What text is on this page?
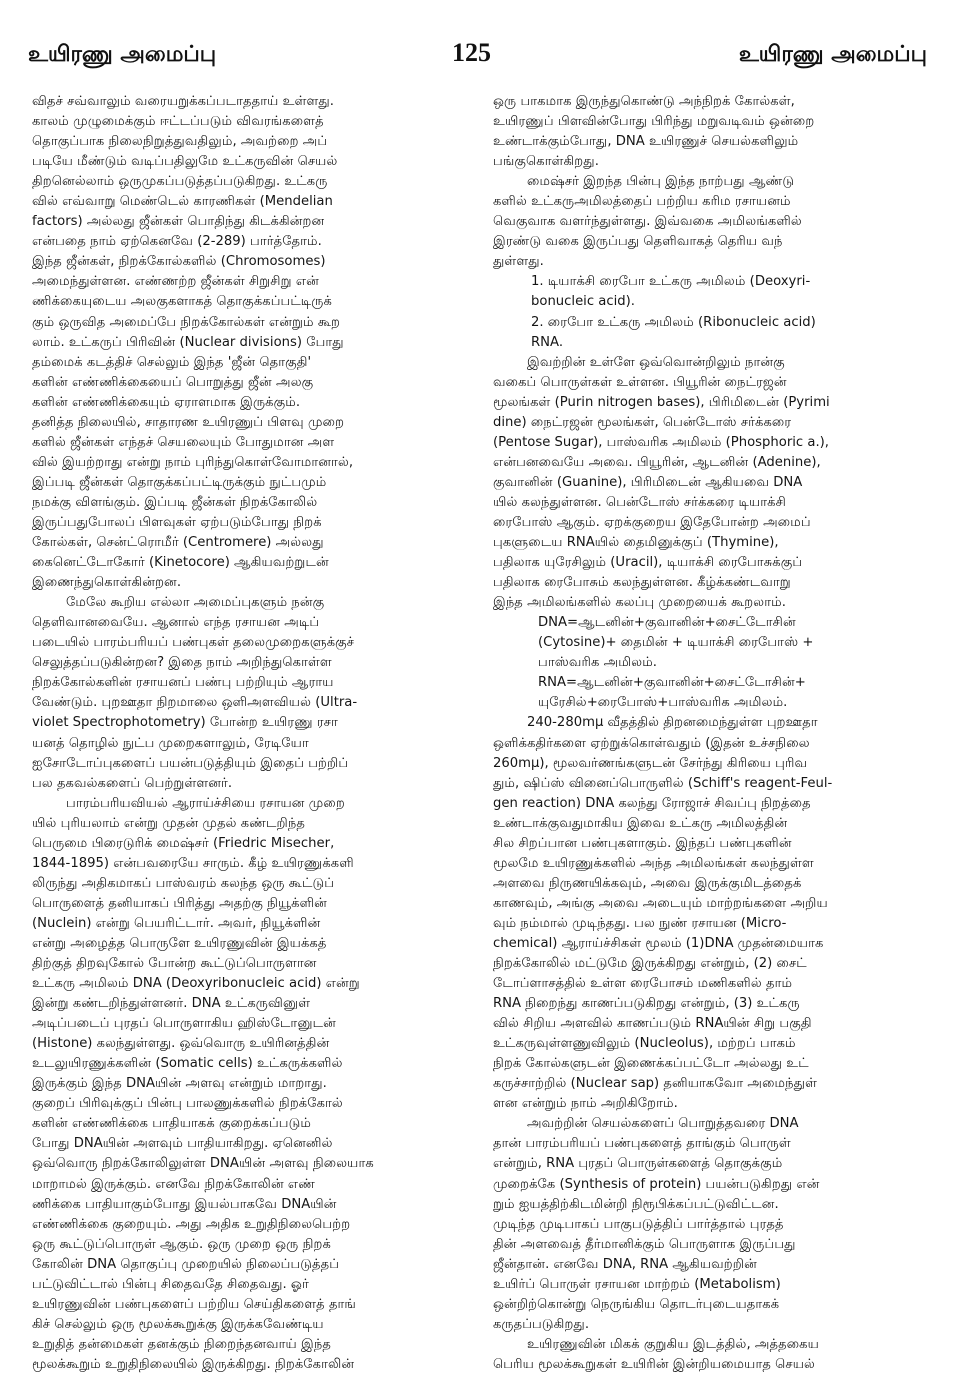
உயிரணு அமைப்பு	125	உயிரணு அமைப்பு
விதச் சவ்வாலும் வரையறுக்கப்படாததாய் உள்ளது.
காலம் முழுமைக்கும் ஈட்டப்படும் விவரங்களைத்
தொகுப்பாக நிலைநிறுத்துவதிலும், அவற்றை அப்
படியே மீண்டும் வடிப்பதிலுமே உட்கருவின் செயல்
திறனெல்லாம் ஒருமுகப்படுத்தப்படுகிறது. உட்கரு
வில் எவ்வாறு மெண்டெல் காரணிகள் (Mendelian
factors) அல்லது ஜீன்கள் பொதிந்து கிடக்கின்றன
என்பதை நாம் ஏற்கெனவே (2-289) பார்த்தோம்.
இந்த ஜீன்கள், நிறக்கோல்களில் (Chromosomes)
அமைந்துள்ளன. எண்ணற்ற ஜீன்கள் சிறுசிறு என்
ணிக்கையுடைய அலகுகளாகத் தொகுக்கப்பட்டிருக்
கும் ஒருவித அமைப்பே நிறக்கோல்கள் என்றும் கூற
லாம். உட்கருப் பிரிவின் (Nuclear divisions) போது
தம்மைக் கடத்திச் செல்லும் இந்த 'ஜீன் தொகுதி'
களின் எண்ணிக்கையைப் பொறுத்து ஜீன் அலகு
களின் எண்ணிக்கையும் ஏராளமாக இருக்கும்.
தனித்த நிலையில், சாதாரண உயிரணுப் பிளவு முறை
களில் ஜீன்கள் எந்தச் செயலையும் போதுமான அள
வில் இயற்றாது என்று நாம் புரிந்துகொள்வோமானால்,
இப்படி ஜீன்கள் தொகுக்கப்பட்டிருக்கும் நுட்பமும்
நமக்கு விளங்கும். இப்படி ஜீன்கள் நிறக்கோலில்
இருப்பதுபோலப் பிளவுகள் ஏற்படும்போது நிறக்
கோல்கள், சென்ட்ரொமீர் (Centromere) அல்லது
கைனெட்டோகோர் (Kinetocore) ஆகியவற்றுடன்
இணைந்துகொள்கின்றன.
மேலே கூறிய எல்லா அமைப்புகளும் நன்கு
தெளிவானவையே. ஆனால் எந்த ரசாயன அடிப்
படையில் பாரம்பரியப் பண்புகள் தலைமுறைகளுக்குச்
செலுத்தப்படுகின்றன? இதை நாம் அறிந்துகொள்ள
நிறக்கோல்களின் ரசாயனப் பண்பு பற்றியும் ஆராய
வேண்டும். புறஊதா நிறமாலை ஒளிஅளவியல் (Ultra-
violet Spectrophotometry) போன்ற உயிரணு ரசா
யனத் தொழில் நுட்ப முறைகளாலும், ரேடியோ
ஐசோடோப்புகளைப் பயன்படுத்தியும் இதைப் பற்றிப்
பல தகவல்களைப் பெற்றுள்ளனர்.
பாரம்பரியவியல் ஆராய்ச்சியை ரசாயன முறை
யில் புரியலாம் என்று முதன் முதல் கண்டறிந்த
பெருமை பிரைடுரிக் மைஷ்சர் (Friedric Misecher,
1844-1895) என்பவரையே சாரும். கீழ் உயிரணுக்களி
லிருந்து அதிகமாகப் பாஸ்வரம் கலந்த ஒரு கூட்டுப்
பொருளைத் தனியாகப் பிரித்து அதற்கு நியூக்ளின்
(Nuclein) என்று பெயரிட்டார். அவர், நியூக்ளின்
என்று அழைத்த பொருளே உயிரணுவின் இயக்கத்
திற்குத் திறவுகோல் போன்ற கூட்டுப்பொருளான
உட்கரு அமிலம் DNA (Deoxyribonucleic acid) என்று
இன்று கண்டறிந்துள்ளனர். DNA உட்கருவினுள்
அடிப்படைப் புரதப் பொருளாகிய ஹிஸ்டோனுடன்
(Histone) கலந்துள்ளது. ஒவ்வொரு உயிரினத்தின்
உடலுயிரணுக்களின் (Somatic cells) உட்கருக்களில்
இருக்கும் இந்த DNAயின் அளவு என்றும் மாறாது.
குறைப் பிரிவுக்குப் பின்பு பாலணுக்களில் நிறக்கோல்
களின் எண்ணிக்கை பாதியாகக் குறைக்கப்படும்
போது DNAயின் அளவும் பாதியாகிறது. ஏனெனில்
ஒவ்வொரு நிறக்கோலிலுள்ள DNAயின் அளவு நிலையாக
மாறாமல் இருக்கும். எனவே நிறக்கோலின் எண்
ணிக்கை பாதியாகும்போது இயல்பாகவே DNAயின்
எண்ணிக்கை குறையும். அது அதிக உறுதிநிலைபெற்ற
ஒரு கூட்டுப்பொருள் ஆகும். ஒரு முறை ஒரு நிறக்
கோலின் DNA தொகுப்பு முறையில் நிலைப்படுத்தப்
பட்டுவிட்டால் பின்பு சிதைவதே சிதைவது. ஓர்
உயிரணுவின் பண்புகளைப் பற்றிய செய்திகளைத் தாங்
கிச் செல்லும் ஒரு மூலக்கூறுக்கு இருக்கவேண்டிய
உறுதித் தன்மைகள் தனக்கும் நிறைந்தனவாய் இந்த
மூலக்கூறும் உறுதிநிலையில் இருக்கிறது. நிறக்கோலின்
ஒரு பாகமாக இருந்துகொண்டு அந்நிறக் கோல்கள்,
உயிரணுப் பிளவின்போது பிரிந்து மறுவடிவம் ஒன்றை
உண்டாக்கும்போது, DNA உயிரணுச் செயல்களிலும்
பங்குகொள்கிறது.
மைஷ்சர் இறந்த பின்பு இந்த நாற்பது ஆண்டு
களில் உட்கருஅமிலத்தைப் பற்றிய கரிம ரசாயனம்
வெகுவாக வளர்ந்துள்ளது. இவ்வகை அமிலங்களில்
இரண்டு வகை இருப்பது தெளிவாகத் தெரிய வந்
துள்ளது.
1. டியாக்சி ரைபோ உட்கரு அமிலம் (Deoxyri-
bonucleic acid).
2. ரைபோ உட்கரு அமிலம் (Ribonucleic acid)
RNA.
இவற்றின் உள்ளே ஒவ்வொன்றிலும் நான்கு
வகைப் பொருள்கள் உள்ளன. பியூரின் நைட்ரஜன்
மூலங்கள் (Purin nitrogen bases), பிரிமிடைன் (Pyrimi
dine) நைட்ரஜன் மூலங்கள், பென்டோஸ் சர்க்கரை
(Pentose Sugar), பாஸ்வரிக அமிலம் (Phosphoric a.),
என்பனவையே அவை. பியூரின், ஆடனின் (Adenine),
குவானின் (Guanine), பிரிமிடைன் ஆகியவை DNA
யில் கலந்துள்ளன. பென்டோஸ் சர்க்கரை டியாக்சி
ரைபோஸ் ஆகும். ஏறக்குறைய இதேபோன்ற அமைப்
புகளுடைய RNAயில் தைமினுக்குப் (Thymine),
பதிலாக யுரேசிலும் (Uracil), டியாக்சி ரைபோசுக்குப்
பதிலாக ரைபோசும் கலந்துள்ளன. கீழ்க்கண்டவாறு
இந்த அமிலங்களில் கலப்பு முறையைக் கூறலாம்.
DNA=ஆடனின்+குவானின்+சைட்டோசின்
(Cytosine)+ தைமின் + டியாக்சி ரைபோஸ் +
பாஸ்வரிக அமிலம்.
RNA=ஆடனின்+குவானின்+சைட்டோசின்+
யுரேசில்+ரைபோஸ்+பாஸ்வரிக அமிலம்.
240-280mμ வீதத்தில் திறனமைந்துள்ள புறஊதா
ஒளிக்கதிர்களை ஏற்றுக்கொள்வதும் (இதன் உச்சநிலை
260mμ), மூலவர்ணங்களுடன் சேர்ந்து கிரியை புரிவ
தும், ஷிப்ஸ் வினைப்பொருளில் (Schiff's reagent-Feul-
gen reaction) DNA கலந்து ரோஜாச் சிவப்பு நிறத்தை
உண்டாக்குவதுமாகிய இவை உட்கரு அமிலத்தின்
சில சிறப்பான பண்புகளாகும். இந்தப் பண்புகளின்
மூலமே உயிரணுக்களில் அந்த அமிலங்கள் கலந்துள்ள
அளவை நிருணயிக்கவும், அவை இருக்குமிடத்தைக்
காணவும், அங்கு அவை அடையும் மாற்றங்களை அறிய
வும் நம்மால் முடிந்தது. பல நுண் ரசாயன (Micro-
chemical) ஆராய்ச்சிகள் மூலம் (1)DNA முதன்மையாக
நிறக்கோலில் மட்டுமே இருக்கிறது என்றும், (2) சைட்
டோப்ளாசத்தில் உள்ள ரைபோசம் மணிகளில் தாம்
RNA நிறைந்து காணப்படுகிறது என்றும், (3) உட்கரு
வில் சிறிய அளவில் காணப்படும் RNAயின் சிறு பகுதி
உட்கருவுள்ளணுவிலும் (Nucleolus), மற்றப் பாகம்
நிறக் கோல்களுடன் இணைக்கப்பட்டோ அல்லது உட்
கருச்சாற்றில் (Nuclear sap) தனியாகவோ அமைந்துள்
ளன என்றும் நாம் அறிகிறோம்.
அவற்றின் செயல்களைப் பொறுத்தவரை DNA
தான் பாரம்பரியப் பண்புகளைத் தாங்கும் பொருள்
என்றும், RNA புரதப் பொருள்களைத் தொகுக்கும்
முறைக்கே (Synthesis of protein) பயன்படுகிறது என்
றும் ஐயத்திற்கிடமின்றி நிரூபிக்கப்பட்டுவிட்டன.
முடிந்த முடிபாகப் பாகுபடுத்திப் பார்த்தால் புரதத்
தின் அளவைத் தீர்மானிக்கும் பொருளாக இருப்பது
ஜீன்தான். எனவே DNA, RNA ஆகியவற்றின்
உயிர்ப் பொருள் ரசாயன மாற்றம் (Metabolism)
ஒன்றிற்கொன்று நெருங்கிய தொடர்புடையதாகக்
கருதப்படுகிறது.
உயிரணுவின் மிகக் குறுகிய இடத்தில், அத்தகைய
பெரிய மூலக்கூறுகள் உயிரின் இன்றியமையாத செயல்
